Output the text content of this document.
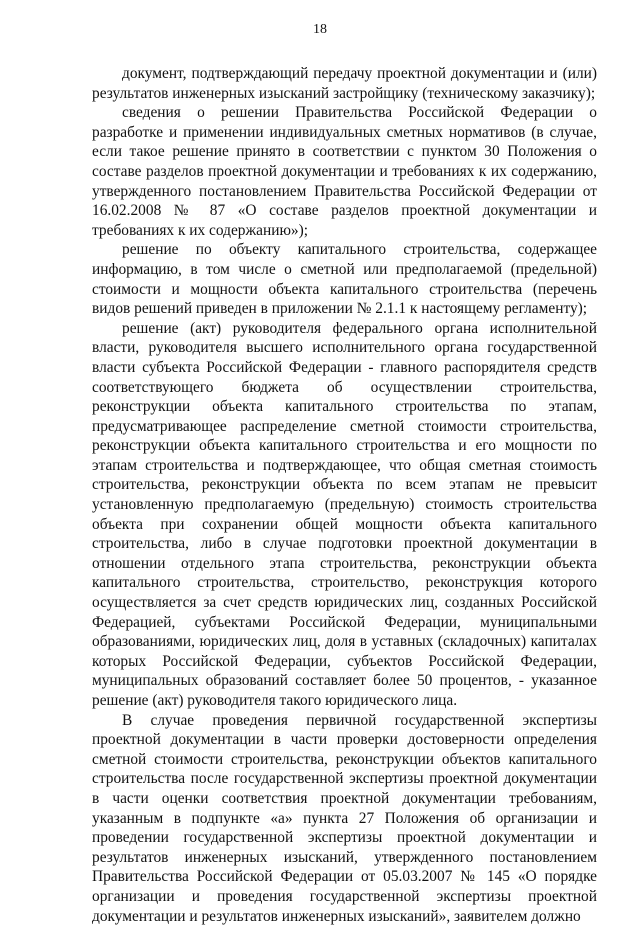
18

документ, подтверждающий передачу проектной документации и (или) результатов инженерных изысканий застройщику (техническому заказчику);

сведения о решении Правительства Российской Федерации о разработке и применении индивидуальных сметных нормативов (в случае, если такое решение принято в соответствии с пунктом 30 Положения о составе разделов проектной документации и требованиях к их содержанию, утвержденного постановлением Правительства Российской Федерации от 16.02.2008 № 87 «О составе разделов проектной документации и требованиях к их содержанию»);

решение по объекту капитального строительства, содержащее информацию, в том числе о сметной или предполагаемой (предельной) стоимости и мощности объекта капитального строительства (перечень видов решений приведен в приложении № 2.1.1 к настоящему регламенту);

решение (акт) руководителя федерального органа исполнительной власти, руководителя высшего исполнительного органа государственной власти субъекта Российской Федерации - главного распорядителя средств соответствующего бюджета об осуществлении строительства, реконструкции объекта капитального строительства по этапам, предусматривающее распределение сметной стоимости строительства, реконструкции объекта капитального строительства и его мощности по этапам строительства и подтверждающее, что общая сметная стоимость строительства, реконструкции объекта по всем этапам не превысит установленную предполагаемую (предельную) стоимость строительства объекта при сохранении общей мощности объекта капитального строительства, либо в случае подготовки проектной документации в отношении отдельного этапа строительства, реконструкции объекта капитального строительства, строительство, реконструкция которого осуществляется за счет средств юридических лиц, созданных Российской Федерацией, субъектами Российской Федерации, муниципальными образованиями, юридических лиц, доля в уставных (складочных) капиталах которых Российской Федерации, субъектов Российской Федерации, муниципальных образований составляет более 50 процентов, - указанное решение (акт) руководителя такого юридического лица.

В случае проведения первичной государственной экспертизы проектной документации в части проверки достоверности определения сметной стоимости строительства, реконструкции объектов капитального строительства после государственной экспертизы проектной документации в части оценки соответствия проектной документации требованиям, указанным в подпункте «а» пункта 27 Положения об организации и проведении государственной экспертизы проектной документации и результатов инженерных изысканий, утвержденного постановлением Правительства Российской Федерации от 05.03.2007 № 145 «О порядке организации и проведения государственной экспертизы проектной документации и результатов инженерных изысканий», заявителем должно
